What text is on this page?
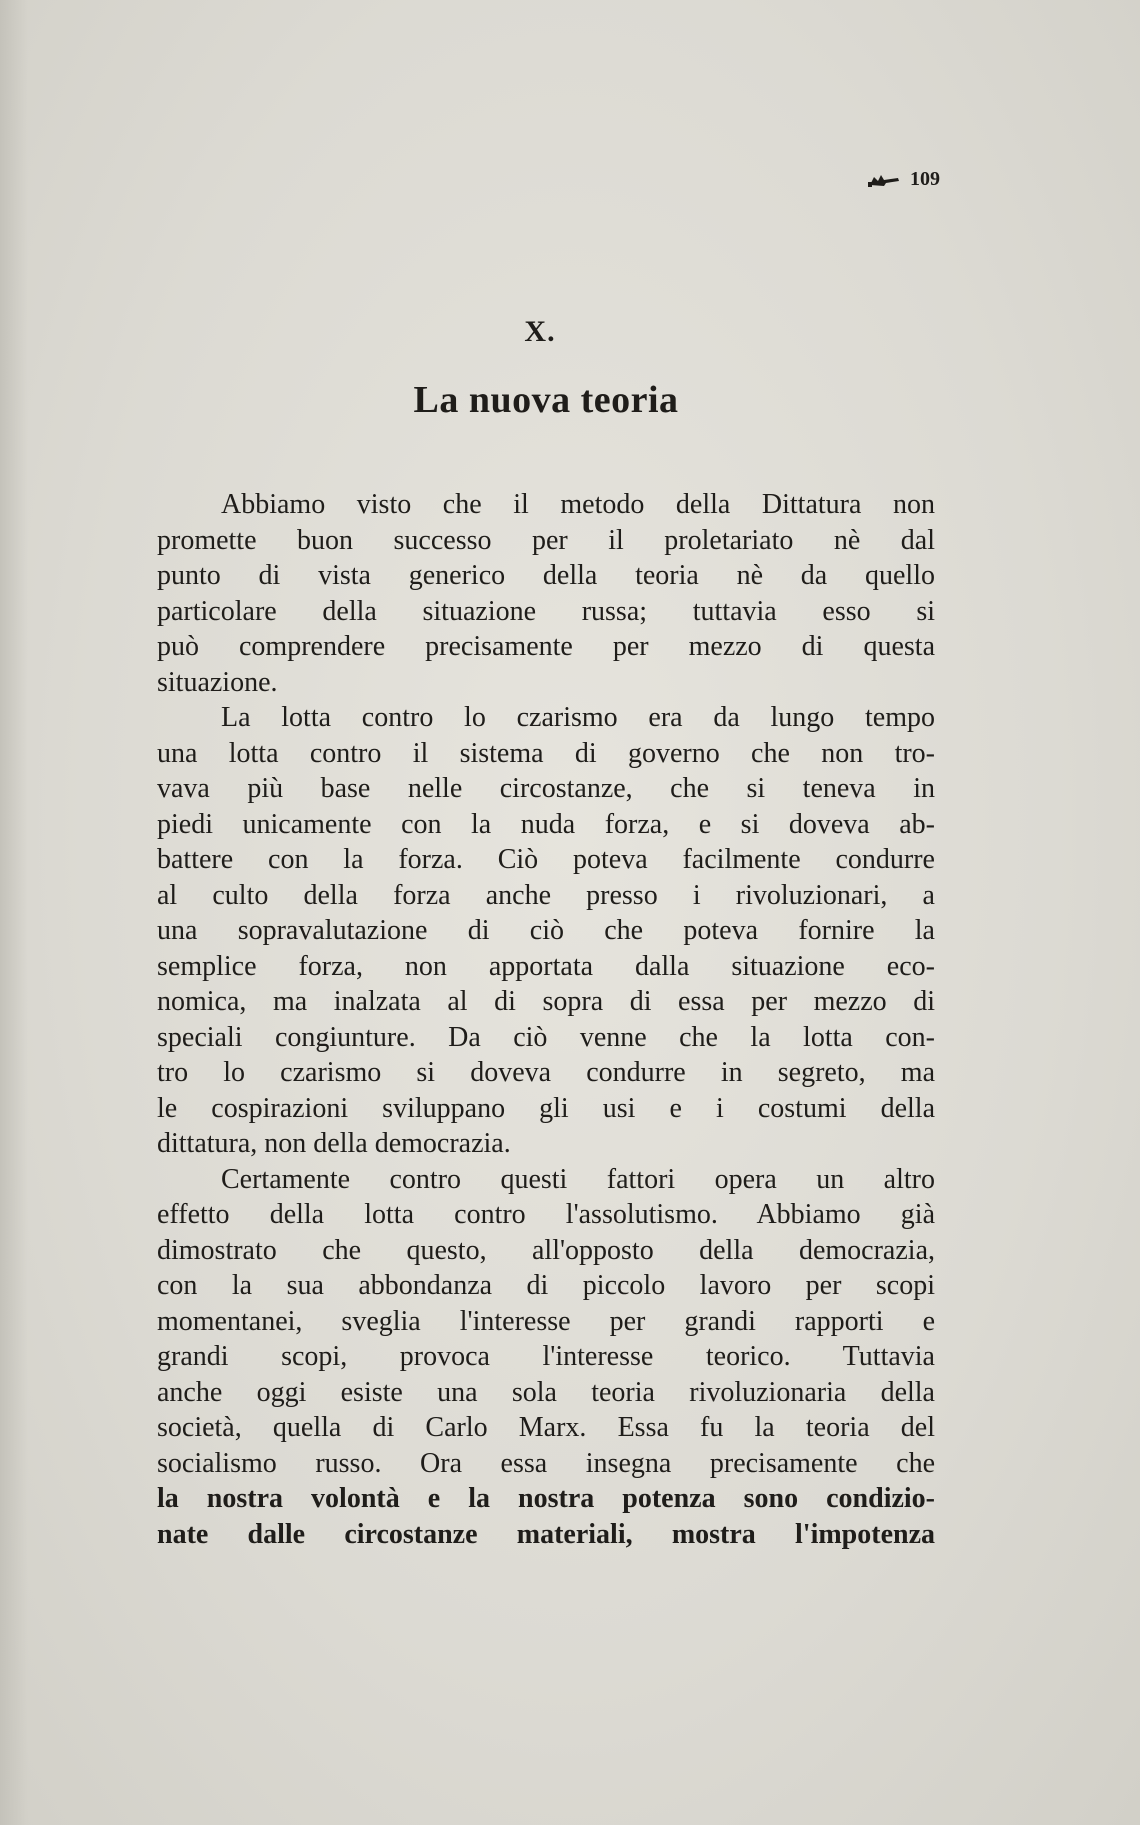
109
X.
La nuova teoria
Abbiamo visto che il metodo della Dittatura non
promette buon successo per il proletariato nè dal
punto di vista generico della teoria nè da quello
particolare della situazione russa; tuttavia esso si
può comprendere precisamente per mezzo di questa
situazione.
La lotta contro lo czarismo era da lungo tempo
una lotta contro il sistema di governo che non tro-
vava più base nelle circostanze, che si teneva in
piedi unicamente con la nuda forza, e si doveva ab-
battere con la forza. Ciò poteva facilmente condurre
al culto della forza anche presso i rivoluzionari, a
una sopravalutazione di ciò che poteva fornire la
semplice forza, non apportata dalla situazione eco-
nomica, ma inalzata al di sopra di essa per mezzo di
speciali congiunture. Da ciò venne che la lotta con-
tro lo czarismo si doveva condurre in segreto, ma
le cospirazioni sviluppano gli usi e i costumi della
dittatura, non della democrazia.
Certamente contro questi fattori opera un altro
effetto della lotta contro l'assolutismo. Abbiamo già
dimostrato che questo, all'opposto della democrazia,
con la sua abbondanza di piccolo lavoro per scopi
momentanei, sveglia l'interesse per grandi rapporti e
grandi scopi, provoca l'interesse teorico. Tuttavia
anche oggi esiste una sola teoria rivoluzionaria della
società, quella di Carlo Marx. Essa fu la teoria del
socialismo russo. Ora essa insegna precisamente che
la nostra volontà e la nostra potenza sono condizio-
nate dalle circostanze materiali, mostra l'impotenza
